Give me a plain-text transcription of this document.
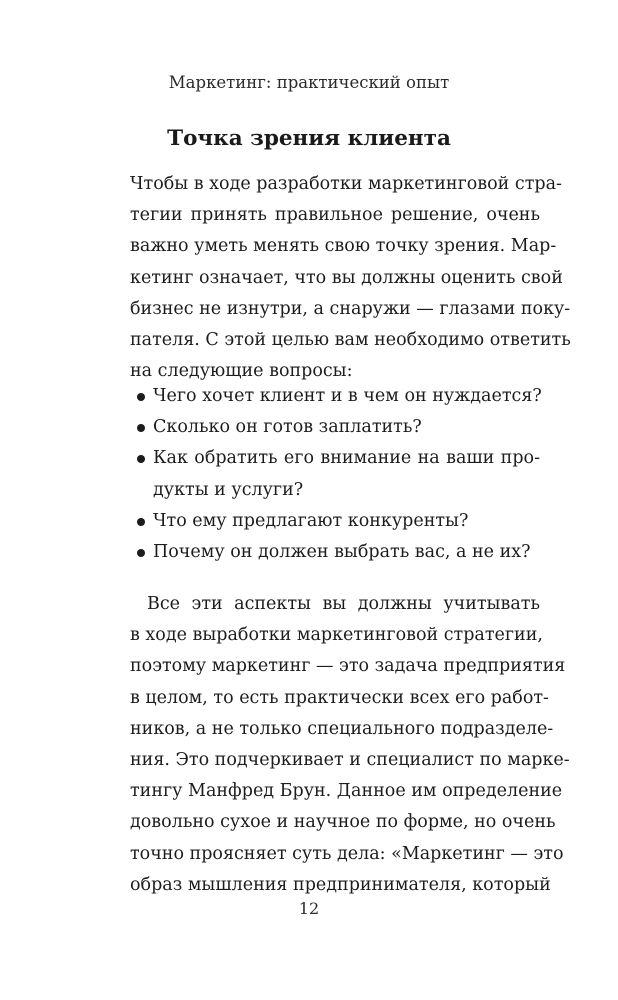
Маркетинг: практический опыт
Точка зрения клиента
Чтобы в ходе разработки маркетинговой стра-
тегии принять правильное решение, очень
важно уметь менять свою точку зрения. Мар-
кетинг означает, что вы должны оценить свой
бизнес не изнутри, а снаружи — глазами поку-
пателя. С этой целью вам необходимо ответить
на следующие вопросы:
Чего хочет клиент и в чем он нуждается?
Сколько он готов заплатить?
Как обратить его внимание на ваши про-
дукты и услуги?
Что ему предлагают конкуренты?
Почему он должен выбрать вас, а не их?
Все эти аспекты вы должны учитывать
в ходе выработки маркетинговой стратегии,
поэтому маркетинг — это задача предприятия
в целом, то есть практически всех его работ-
ников, а не только специального подразделе-
ния. Это подчеркивает и специалист по марке-
тингу Манфред Брун. Данное им определение
довольно сухое и научное по форме, но очень
точно проясняет суть дела: «Маркетинг — это
образ мышления предпринимателя, который
12
